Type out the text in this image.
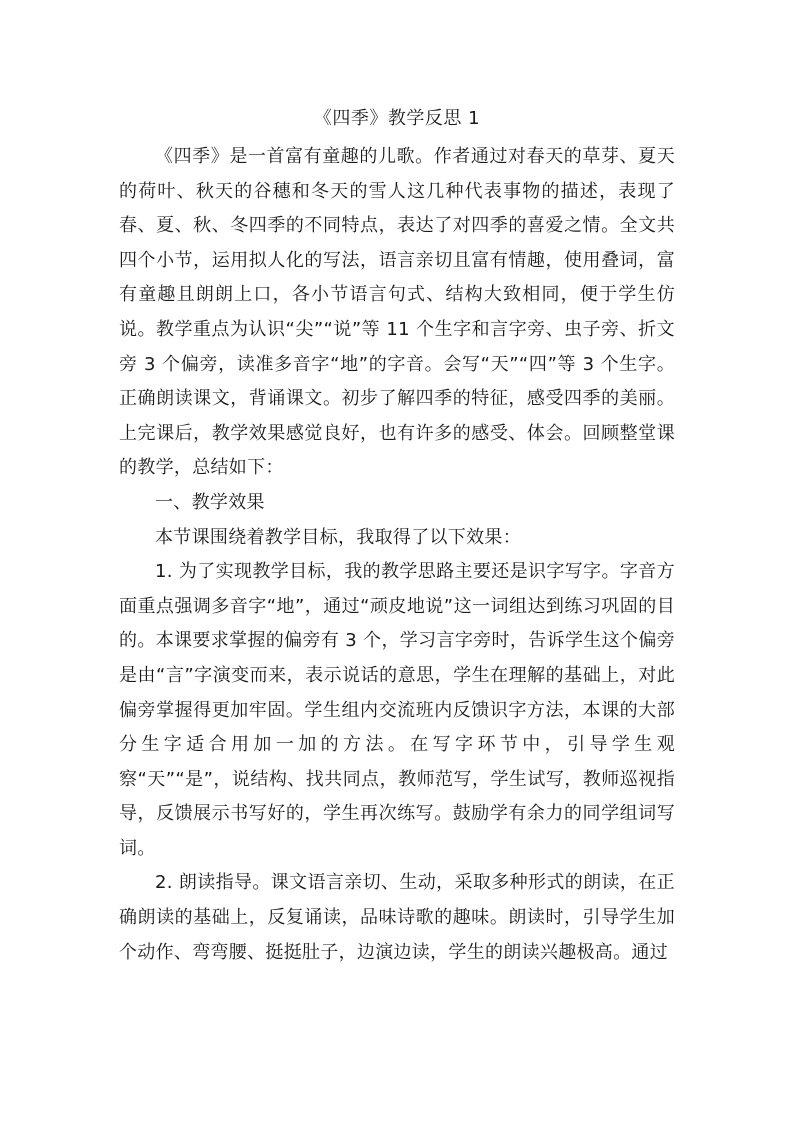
《四季》教学反思 1

《四季》是一首富有童趣的儿歌。作者通过对春天的草芽、夏天的荷叶、秋天的谷穗和冬天的雪人这几种代表事物的描述，表现了春、夏、秋、冬四季的不同特点，表达了对四季的喜爱之情。全文共四个小节，运用拟人化的写法，语言亲切且富有情趣，使用叠词，富有童趣且朗朗上口，各小节语言句式、结构大致相同，便于学生仿说。教学重点为认识“尖”“说”等 11 个生字和言字旁、虫子旁、折文旁 3 个偏旁，读准多音字“地”的字音。会写“天”“四”等 3 个生字。正确朗读课文，背诵课文。初步了解四季的特征，感受四季的美丽。上完课后，教学效果感觉良好，也有许多的感受、体会。回顾整堂课的教学，总结如下：

一、教学效果

本节课围绕着教学目标，我取得了以下效果：

1. 为了实现教学目标，我的教学思路主要还是识字写字。字音方面重点强调多音字“地”，通过“顽皮地说”这一词组达到练习巩固的目的。本课要求掌握的偏旁有 3 个，学习言字旁时，告诉学生这个偏旁是由“言”字演变而来，表示说话的意思，学生在理解的基础上，对此偏旁掌握得更加牢固。学生组内交流班内反馈识字方法，本课的大部分生字适合用加一加的方法。在写字环节中，引导学生观察“天”“是”，说结构、找共同点，教师范写，学生试写，教师巡视指导，反馈展示书写好的，学生再次练写。鼓励学有余力的同学组词写词。

2. 朗读指导。课文语言亲切、生动，采取多种形式的朗读，在正确朗读的基础上，反复诵读，品味诗歌的趣味。朗读时，引导学生加个动作、弯弯腰、挺挺肚子，边演边读，学生的朗读兴趣极高。通过
